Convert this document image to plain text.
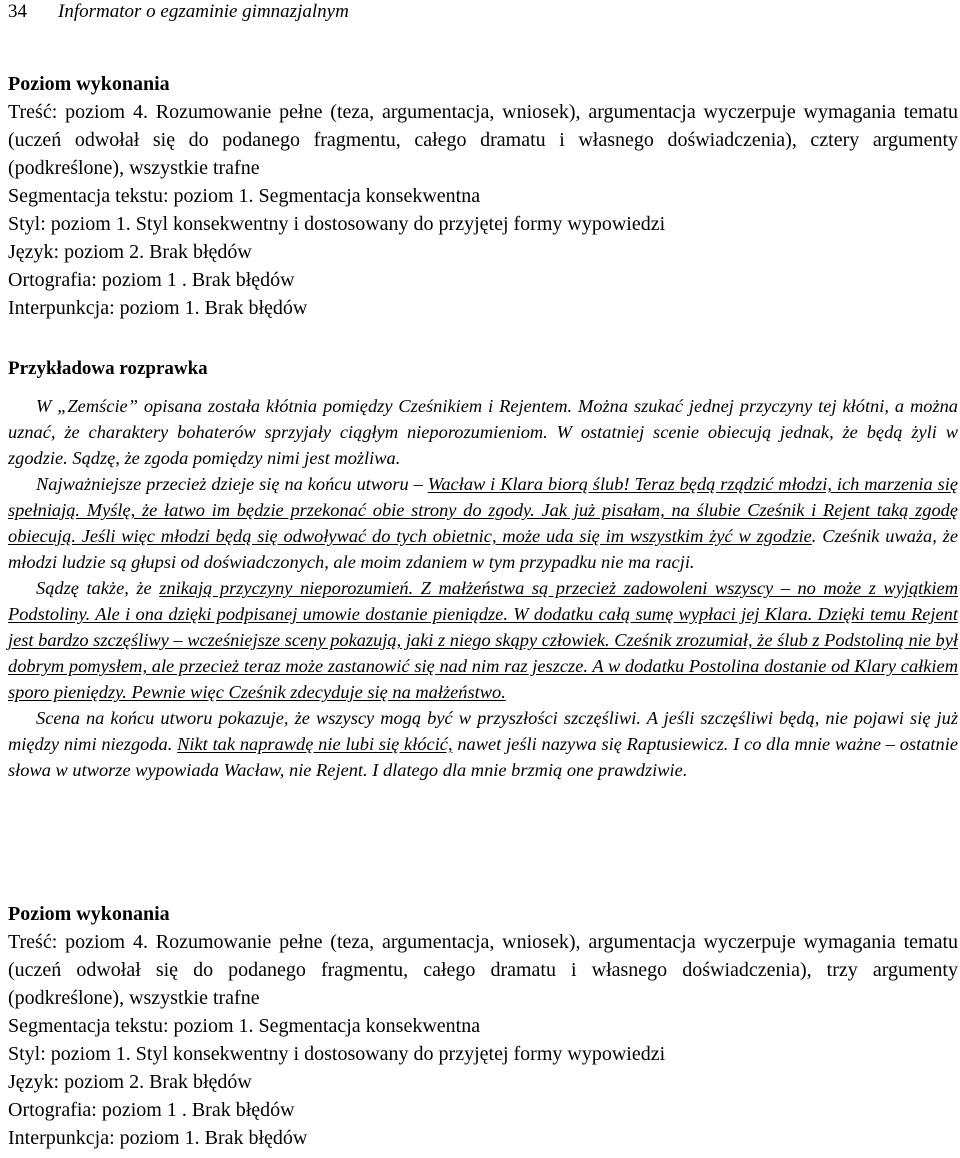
34 Informator o egzaminie gimnazjalnym
Poziom wykonania
Treść: poziom 4. Rozumowanie pełne (teza, argumentacja, wniosek), argumentacja wyczerpuje wymagania tematu (uczeń odwołał się do podanego fragmentu, całego dramatu i własnego doświadczenia), cztery argumenty (podkreślone), wszystkie trafne
Segmentacja tekstu: poziom 1. Segmentacja konsekwentna
Styl: poziom 1. Styl konsekwentny i dostosowany do przyjętej formy wypowiedzi
Język: poziom 2. Brak błędów
Ortografia: poziom 1 . Brak błędów
Interpunkcja: poziom 1. Brak błędów
Przykładowa rozprawka

W „Zemście” opisana została kłótnia pomiędzy Cześnikiem i Rejentem. Można szukać jednej przyczyny tej kłótni, a można uznać, że charaktery bohaterów sprzyjały ciągłym nieporozumieniom. W ostatniej scenie obiecują jednak, że będą żyli w zgodzie. Sądzę, że zgoda pomiędzy nimi jest możliwa.

Najważniejsze przecież dzieje się na końcu utworu – Wacław i Klara biorą ślub! Teraz będą rządzić młodzi, ich marzenia się spełniają. Myślę, że łatwo im będzie przekonać obie strony do zgody. Jak już pisałam, na ślubie Cześnik i Rejent taką zgodę obiecują. Jeśli więc młodzi będą się odwoływać do tych obietnic, może uda się im wszystkim żyć w zgodzie. Cześnik uważa, że młodzi ludzie są głupsi od doświadczonych, ale moim zdaniem w tym przypadku nie ma racji.

Sądzę także, że znikają przyczyny nieporozumień. Z małżeństwa są przecież zadowoleni wszyscy – no może z wyjątkiem Podstoliny. Ale i ona dzięki podpisanej umowie dostanie pieniądze. W dodatku całą sumę wypłaci jej Klara. Dzięki temu Rejent jest bardzo szczęśliwy – wcześniejsze sceny pokazują, jaki z niego skąpy człowiek. Cześnik zrozumiał, że ślub z Podstoliną nie był dobrym pomysłem, ale przecież teraz może zastanowić się nad nim raz jeszcze. A w dodatku Postolina dostanie od Klary całkiem sporo pieniędzy. Pewnie więc Cześnik zdecyduje się na małżeństwo.

Scena na końcu utworu pokazuje, że wszyscy mogą być w przyszłości szczęśliwi. A jeśli szczęśliwi będą, nie pojawi się już między nimi niezgoda. Nikt tak naprawdę nie lubi się kłócić, nawet jeśli nazywa się Raptusiewicz. I co dla mnie ważne – ostatnie słowa w utworze wypowiada Wacław, nie Rejent. I dlatego dla mnie brzmią one prawdziwie.

Poziom wykonania
Treść: poziom 4. Rozumowanie pełne (teza, argumentacja, wniosek), argumentacja wyczerpuje wymagania tematu (uczeń odwołał się do podanego fragmentu, całego dramatu i własnego doświadczenia), trzy argumenty (podkreślone), wszystkie trafne
Segmentacja tekstu: poziom 1. Segmentacja konsekwentna
Styl: poziom 1. Styl konsekwentny i dostosowany do przyjętej formy wypowiedzi
Język: poziom 2. Brak błędów
Ortografia: poziom 1 . Brak błędów
Interpunkcja: poziom 1. Brak błędów
